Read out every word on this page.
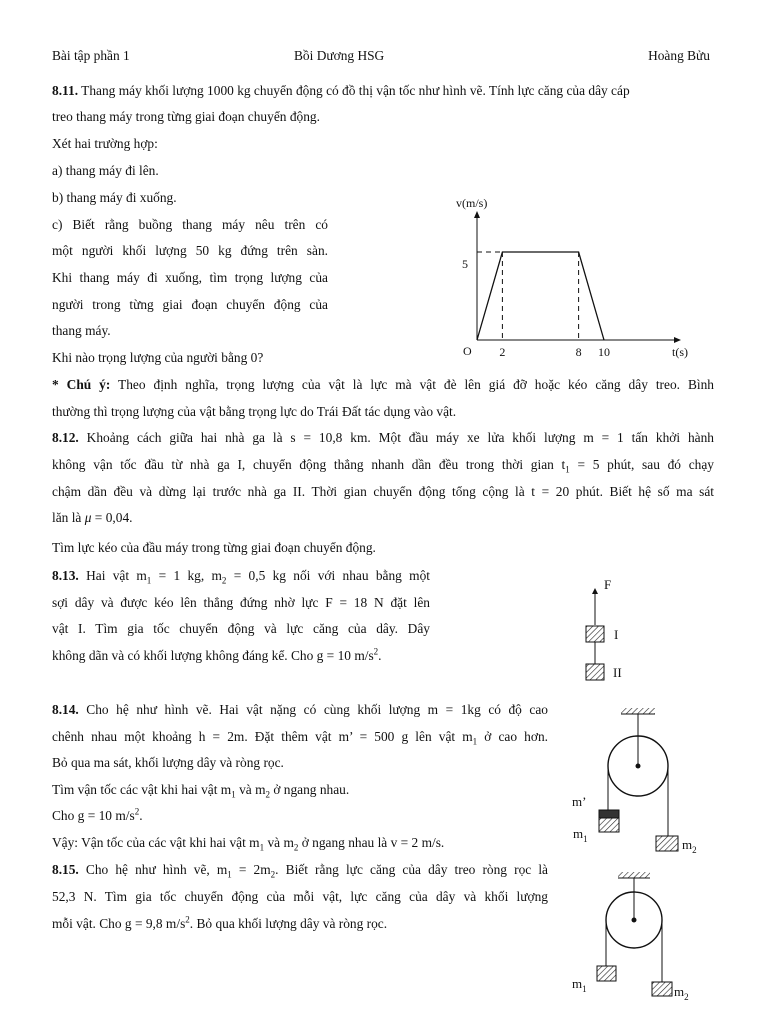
Bài tập phần 1	Bồi Dương HSG	Hoàng Bửu
8.11. Thang máy khối lượng 1000 kg chuyển động có đồ thị vận tốc như hình vẽ. Tính lực căng của dây cáp
treo thang máy trong từng giai đoạn chuyển động.
Xét hai trường hợp:
a) thang máy đi lên.
b) thang máy đi xuống.
c) Biết rằng buồng thang máy nêu trên có
một người khối lượng 50 kg đứng trên sàn.
Khi thang máy đi xuống, tìm trọng lượng của
người trong từng giai đoạn chuyển động của
thang máy.
Khi nào trọng lượng của người bằng 0?
v(m/s)
5
O 2	8 10	t(s)
* Chú ý: Theo định nghĩa, trọng lượng của vật là lực mà vật đè lên giá đỡ hoặc kéo căng dây treo. Bình
thường thì trọng lượng của vật bằng trọng lực do Trái Đất tác dụng vào vật.
8.12. Khoảng cách giữa hai nhà ga là s = 10,8 km. Một đầu máy xe lửa khối lượng m = 1 tấn khởi hành
không vận tốc đầu từ nhà ga I, chuyển động thẳng nhanh dần đều trong thời gian $t_1 = 5$ phút, sau đó chạy
chậm dần đều và dừng lại trước nhà ga II. Thời gian chuyển động tổng cộng là t = 20 phút. Biết hệ số ma sát
lăn là μ = 0,04.
Tìm lực kéo của đầu máy trong từng giai đoạn chuyển động.
8.13. Hai vật $m_1 = 1$ kg, $m_2 = 0,5$ kg nối với nhau bằng một
sợi dây và được kéo lên thẳng đứng nhờ lực F = 18 N đặt lên
vật I. Tìm gia tốc chuyển động và lực căng của dây. Dây
không dãn và có khối lượng không đáng kể. Cho g = 10 $m/s^2$.
F
I
II
8.14. Cho hệ như hình vẽ. Hai vật nặng có cùng khối lượng m = 1kg có độ cao
chênh nhau một khoảng h = 2m. Đặt thêm vật m’ = 500 g lên vật $m_1$ ở cao hơn.
Bỏ qua ma sát, khối lượng dây và ròng rọc.
Tìm vận tốc các vật khi hai vật $m_1$ và $m_2$ ở ngang nhau.
Cho g = 10 $m/s^2$.
Vậy: Vận tốc của các vật khi hai vật $m_1$ và $m_2$ ở ngang nhau là v = 2 m/s.
m’
$m_1$	$m_2$
8.15. Cho hệ như hình vẽ, $m_1 = 2m_2$. Biết rằng lực căng của dây treo ròng rọc là
52,3 N. Tìm gia tốc chuyển động của mỗi vật, lực căng của dây và khối lượng
mỗi vật. Cho g = 9,8 $m/s^2$. Bỏ qua khối lượng dây và ròng rọc.
$m_1$	$m_2$
